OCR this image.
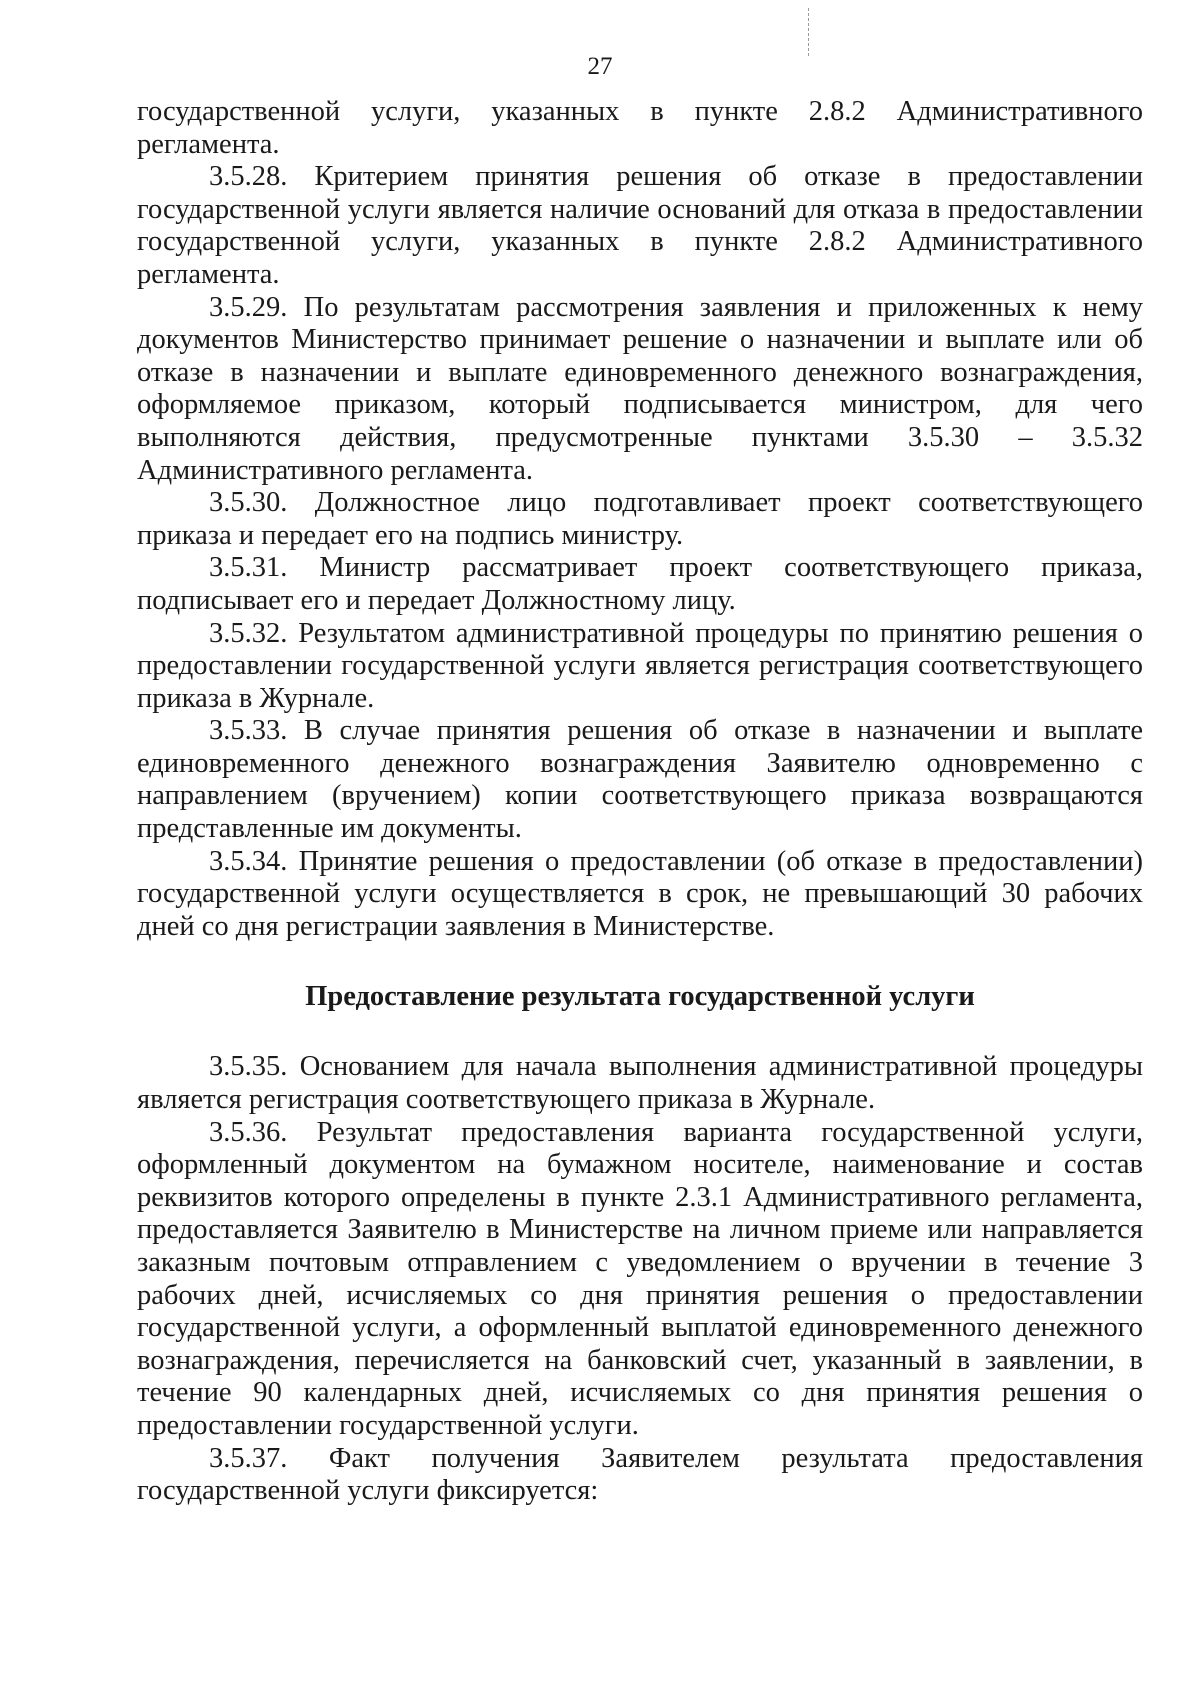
27

государственной услуги, указанных в пункте 2.8.2 Административного регламента.

3.5.28. Критерием принятия решения об отказе в предоставлении государственной услуги является наличие оснований для отказа в предоставлении государственной услуги, указанных в пункте 2.8.2 Административного регламента.

3.5.29. По результатам рассмотрения заявления и приложенных к нему документов Министерство принимает решение о назначении и выплате или об отказе в назначении и выплате единовременного денежного вознаграждения, оформляемое приказом, который подписывается министром, для чего выполняются действия, предусмотренные пунктами 3.5.30 – 3.5.32 Административного регламента.

3.5.30. Должностное лицо подготавливает проект соответствующего приказа и передает его на подпись министру.

3.5.31. Министр рассматривает проект соответствующего приказа, подписывает его и передает Должностному лицу.

3.5.32. Результатом административной процедуры по принятию решения о предоставлении государственной услуги является регистрация соответствующего приказа в Журнале.

3.5.33. В случае принятия решения об отказе в назначении и выплате единовременного денежного вознаграждения Заявителю одновременно с направлением (вручением) копии соответствующего приказа возвращаются представленные им документы.

3.5.34. Принятие решения о предоставлении (об отказе в предоставлении) государственной услуги осуществляется в срок, не превышающий 30 рабочих дней со дня регистрации заявления в Министерстве.

Предоставление результата государственной услуги

3.5.35. Основанием для начала выполнения административной процедуры является регистрация соответствующего приказа в Журнале.

3.5.36. Результат предоставления варианта государственной услуги, оформленный документом на бумажном носителе, наименование и состав реквизитов которого определены в пункте 2.3.1 Административного регламента, предоставляется Заявителю в Министерстве на личном приеме или направляется заказным почтовым отправлением с уведомлением о вручении в течение 3 рабочих дней, исчисляемых со дня принятия решения о предоставлении государственной услуги, а оформленный выплатой единовременного денежного вознаграждения, перечисляется на банковский счет, указанный в заявлении, в течение 90 календарных дней, исчисляемых со дня принятия решения о предоставлении государственной услуги.

3.5.37. Факт получения Заявителем результата предоставления государственной услуги фиксируется:
